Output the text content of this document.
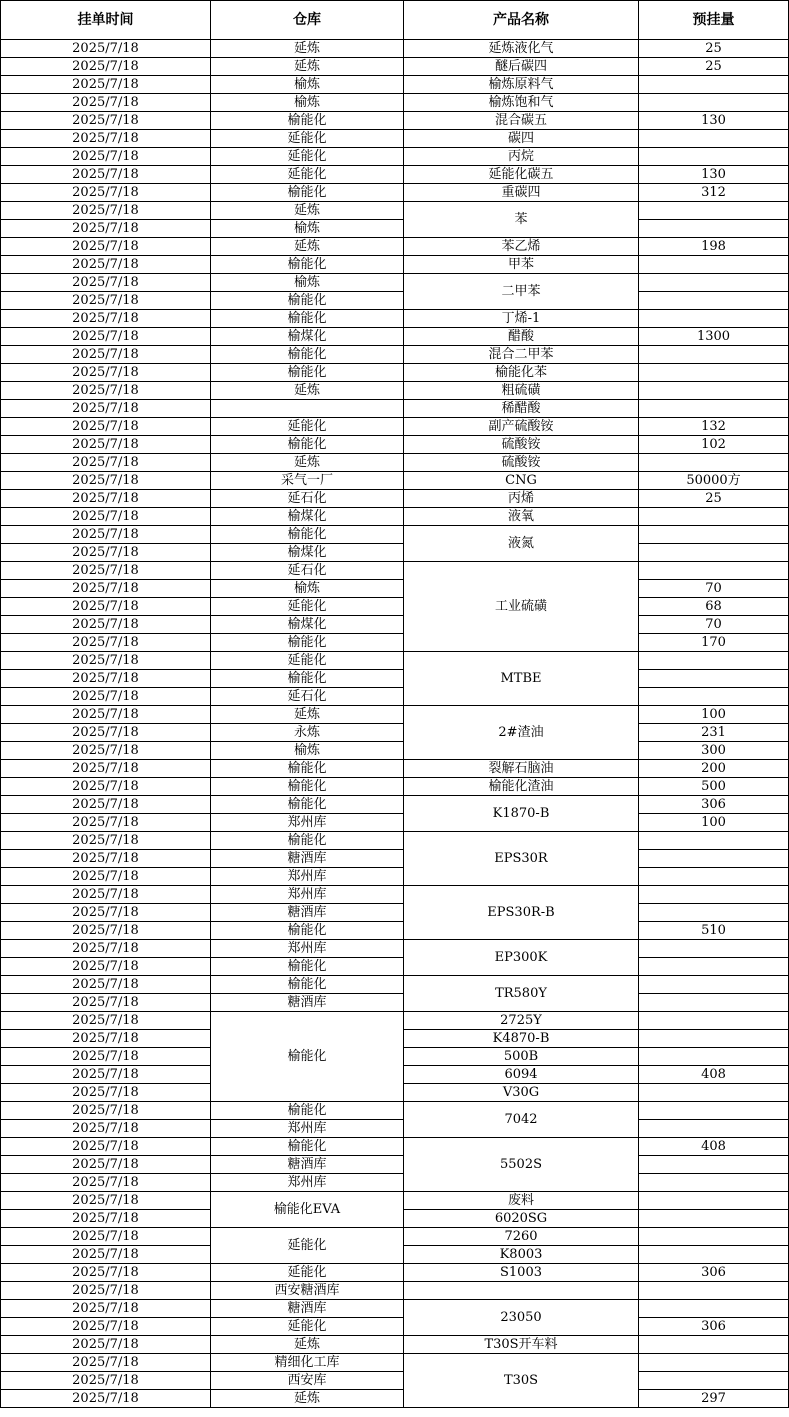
挂单时间	仓库	产品名称	预挂量
2025/7/18	延炼	延炼液化气	25
2025/7/18	延炼	醚后碳四	25
2025/7/18	榆炼	榆炼原料气	
2025/7/18	榆炼	榆炼饱和气	
2025/7/18	榆能化	混合碳五	130
2025/7/18	延能化	碳四	
2025/7/18	延能化	丙烷	
2025/7/18	延能化	延能化碳五	130
2025/7/18	榆能化	重碳四	312
2025/7/18	延炼	苯	
2025/7/18	榆炼		
2025/7/18	延炼	苯乙烯	198
2025/7/18	榆能化	甲苯	
2025/7/18	榆炼	二甲苯	
2025/7/18	榆能化		
2025/7/18	榆能化	丁烯-1	
2025/7/18	榆煤化	醋酸	1300
2025/7/18	榆能化	混合二甲苯	
2025/7/18	榆能化	榆能化苯	
2025/7/18	延炼	粗硫磺	
2025/7/18		稀醋酸	
2025/7/18	延能化	副产硫酸铵	132
2025/7/18	榆能化	硫酸铵	102
2025/7/18	延炼	硫酸铵	
2025/7/18	采气一厂	CNG	50000方
2025/7/18	延石化	丙烯	25
2025/7/18	榆煤化	液氧	
2025/7/18	榆能化	液氮	
2025/7/18	榆煤化		
2025/7/18	延石化	工业硫磺	
2025/7/18	榆炼		70
2025/7/18	延能化		68
2025/7/18	榆煤化		70
2025/7/18	榆能化		170
2025/7/18	延能化	MTBE	
2025/7/18	榆能化		
2025/7/18	延石化		
2025/7/18	延炼	2#渣油	100
2025/7/18	永炼		231
2025/7/18	榆炼		300
2025/7/18	榆能化	裂解石脑油	200
2025/7/18	榆能化	榆能化渣油	500
2025/7/18	榆能化	K1870-B	306
2025/7/18	郑州库		100
2025/7/18	榆能化	EPS30R	
2025/7/18	糖酒库		
2025/7/18	郑州库		
2025/7/18	郑州库	EPS30R-B	
2025/7/18	糖酒库		
2025/7/18	榆能化		510
2025/7/18	郑州库	EP300K	
2025/7/18	榆能化		
2025/7/18	榆能化	TR580Y	
2025/7/18	糖酒库		
2025/7/18	榆能化	2725Y	
2025/7/18		K4870-B	
2025/7/18		500B	
2025/7/18		6094	408
2025/7/18		V30G	
2025/7/18	榆能化	7042	
2025/7/18	郑州库		
2025/7/18	榆能化	5502S	408
2025/7/18	糖酒库		
2025/7/18	郑州库		
2025/7/18	榆能化EVA	废料	
2025/7/18		6020SG	
2025/7/18	延能化	7260	
2025/7/18		K8003	
2025/7/18	延能化	S1003	306
2025/7/18	西安糖酒库		
2025/7/18	糖酒库	23050	
2025/7/18	延能化		306
2025/7/18	延炼	T30S开车料	
2025/7/18	精细化工库	T30S	
2025/7/18	西安库		
2025/7/18	延炼		297
